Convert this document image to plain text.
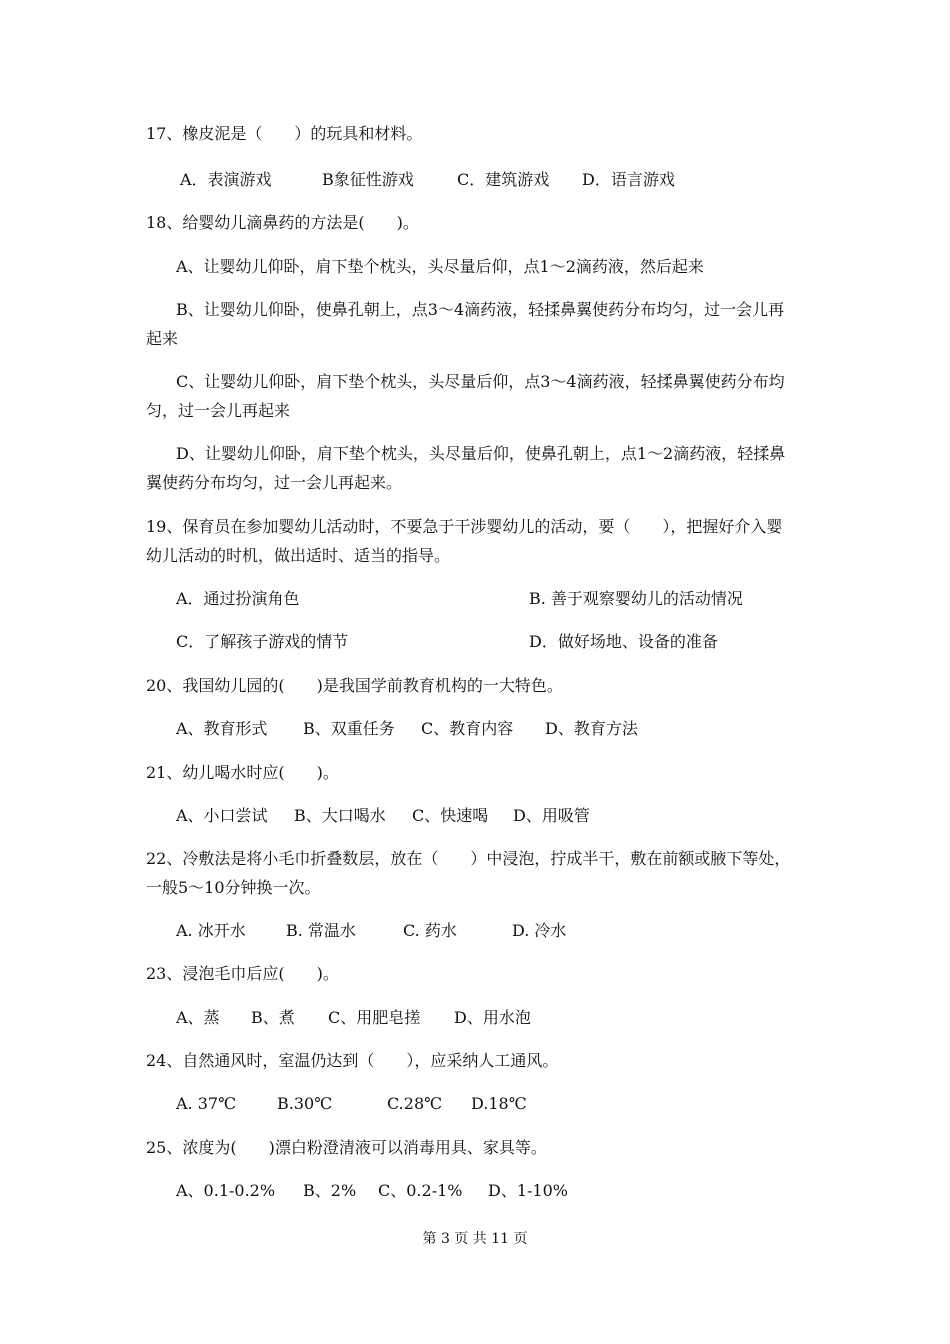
17、橡皮泥是（　　）的玩具和材料。
A．表演游戏	B象征性游戏	C．建筑游戏 D．语言游戏
18、给婴幼儿滴鼻药的方法是(　　)。
A、让婴幼儿仰卧，肩下垫个枕头，头尽量后仰，点1～2滴药液，然后起来
B、让婴幼儿仰卧，使鼻孔朝上，点3～4滴药液，轻揉鼻翼使药分布均匀，过一会儿再
起来
C、让婴幼儿仰卧，肩下垫个枕头，头尽量后仰，点3～4滴药液，轻揉鼻翼使药分布均
匀，过一会儿再起来
D、让婴幼儿仰卧，肩下垫个枕头，头尽量后仰，使鼻孔朝上，点1～2滴药液，轻揉鼻
翼使药分布均匀，过一会儿再起来。
19、保育员在参加婴幼儿活动时，不要急于干涉婴幼儿的活动，要（　　），把握好介入婴
幼儿活动的时机，做出适时、适当的指导。
A．通过扮演角色	B. 善于观察婴幼儿的活动情况
C．了解孩子游戏的情节	D．做好场地、设备的准备
20、我国幼儿园的(　　)是我国学前教育机构的一大特色。
A、教育形式 B、双重任务 C、教育内容 D、教育方法
21、幼儿喝水时应(　　)。
A、小口尝试 B、大口喝水 C、快速喝 D、用吸管
22、冷敷法是将小毛巾折叠数层，放在（　　）中浸泡，拧成半干，敷在前额或腋下等处，
一般5～10分钟换一次。
A. 冰开水	B. 常温水	C. 药水	D. 冷水
23、浸泡毛巾后应(　　)。
A、蒸 B、煮 C、用肥皂搓 D、用水泡
24、自然通风时，室温仍达到（　　），应采纳人工通风。
A. 37℃	B.30℃	C.28℃ D.18℃
25、浓度为(　　)漂白粉澄清液可以消毒用具、家具等。
A、0.1-0.2% B、2% C、0.2-1% D、1-10%
第 3 页 共 11 页
